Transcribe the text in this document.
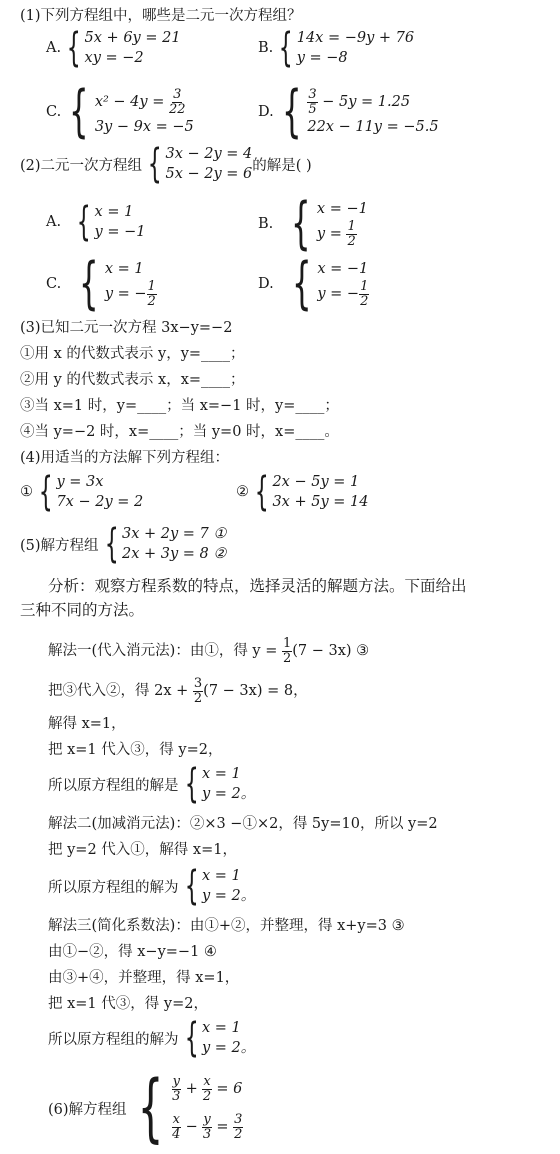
(1)下列方程组中，哪些是二元一次方程组？
A. { 5x + 6y = 21
xy = −2
B. { 14x = −9y + 76
y = −8
C. { $x^2 - 4y = \frac{3}{22}$
3y − 9x = −5
D. { $\frac{3}{5} - 5y = 1.25$
22x − 11y = −5.5
(2)二元一次方程组 { 3x − 2y = 4
5x − 2y = 6
的解是( )
A. { x = 1
y = −1	B. { x = −1
$y = \frac{1}{2}$
C. { x = 1
y = − $\frac{1}{2}$	D. { x = −1
y = − $\frac{1}{2}$
(3)已知二元一次方程 3x−y=−2
①用 x 的代数式表示 y，y=____；
②用 y 的代数式表示 x，x=____；
③当 x=1 时，y=____；当 x=−1 时，y=____；
④当 y=−2 时，x=____；当 y=0 时，x=____。
(4)用适当的方法解下列方程组：
① { y = 3x
7x − 2y = 2
② { 2x − 5y = 1
3x + 5y = 14
(5)解方程组 { 3x + 2y = 7 ①
2x + 3y = 8 ②
分析：观察方程系数的特点，选择灵活的解题方法。下面给出
三种不同的方法。
解法一(代入消元法)：由①，得 $y = \frac{1}{2} (7 - 3x)$ ③
把③代入②，得 $2x + \frac{3}{2} (7 - 3x) = 8$，
解得 x=1，
把 x=1 代入③，得 y=2，
所以原方程组的解是 { x = 1
y = 2。
解法二(加减消元法)：②×3 −①×2，得 5y=10，所以 y=2
把 y=2 代入①，解得 x=1，
所以原方程组的解为 { x = 1
y = 2。
解法三(简化系数法)：由①+②，并整理，得 x+y=3 ③
由①−②，得 x−y=−1 ④
由③+④，并整理，得 x=1，
把 x=1 代③，得 y=2，
所以原方程组的解为 { x = 1
y = 2。
(6)解方程组 { $\frac{y}{3} + \frac{x}{2} = 6$
$\frac{x}{4} - \frac{y}{3} = \frac{3}{2}$
